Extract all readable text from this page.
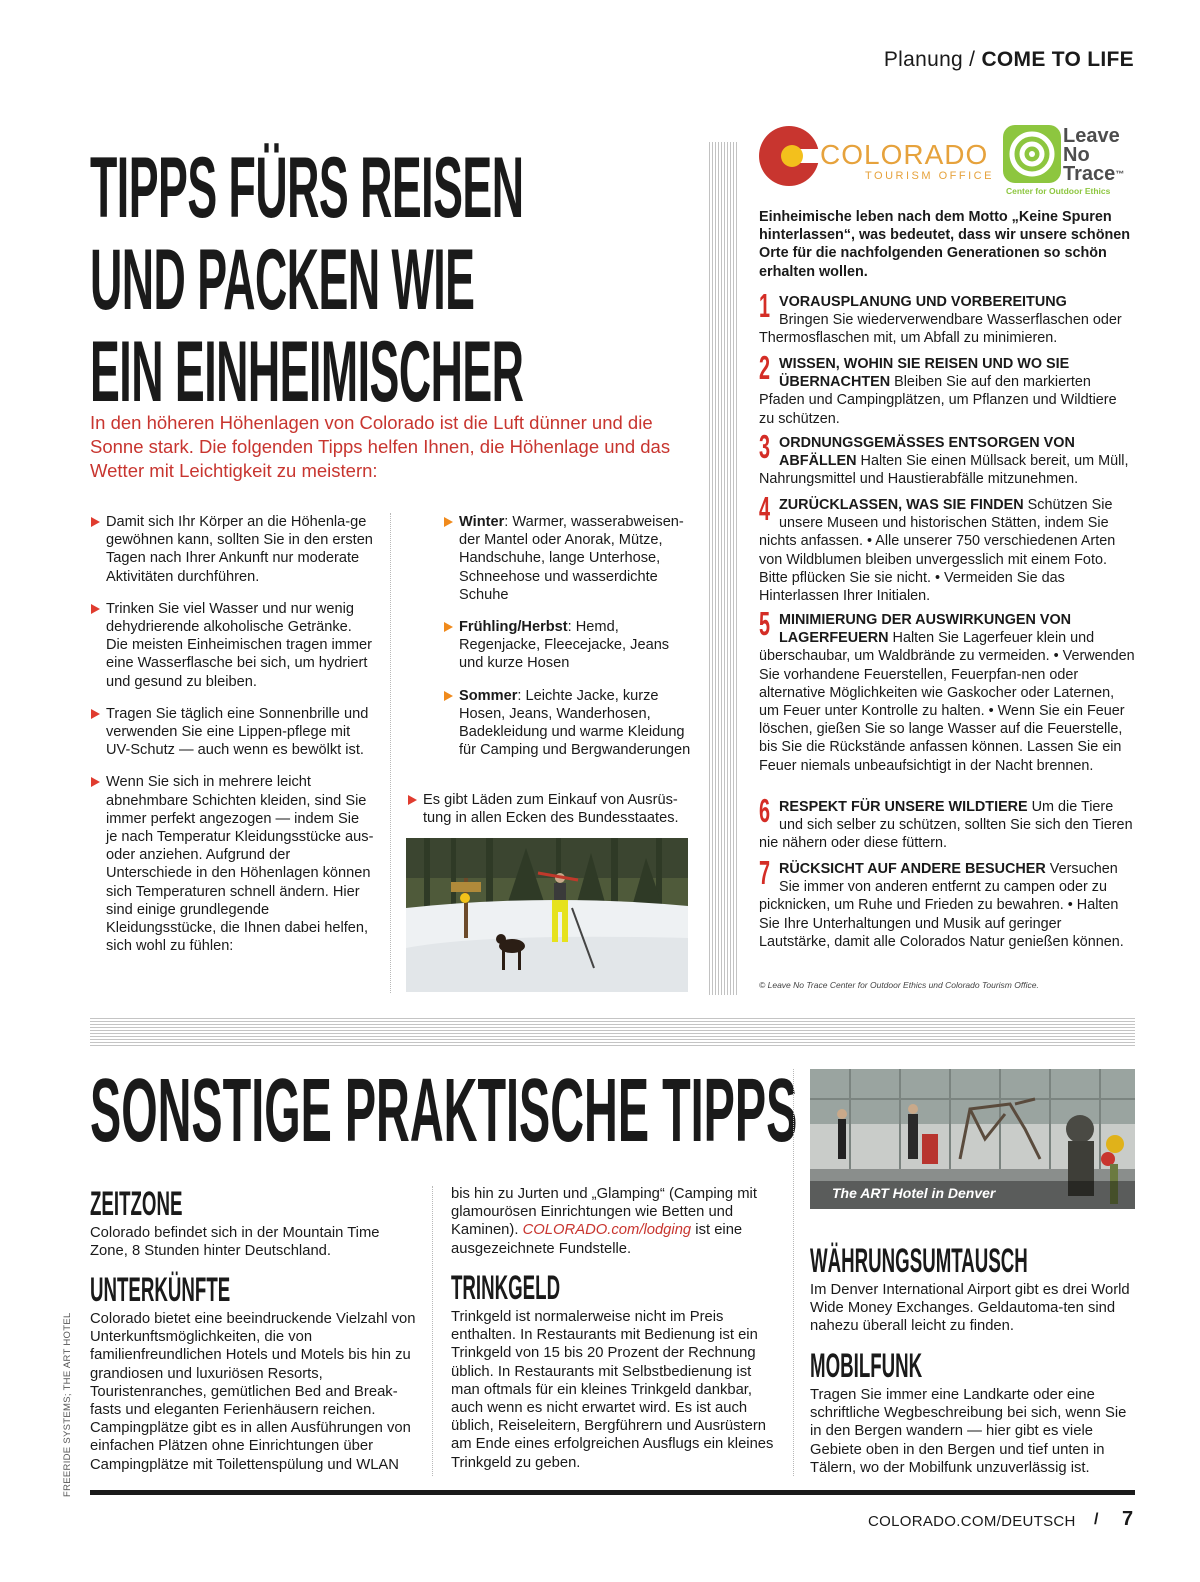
Planung / COME TO LIFE
TIPPS FÜRS REISEN
UND PACKEN WIE
EIN EINHEIMISCHER
In den höheren Höhenlagen von Colorado ist die Luft dünner und die Sonne stark. Die folgenden Tipps helfen Ihnen, die Höhenlage und das Wetter mit Leichtigkeit zu meistern:
Damit sich Ihr Körper an die Höhenla-ge gewöhnen kann, sollten Sie in den ersten Tagen nach Ihrer Ankunft nur moderate Aktivitäten durchführen.
Trinken Sie viel Wasser und nur wenig dehydrierende alkoholische Getränke. Die meisten Einheimischen tragen immer eine Wasserflasche bei sich, um hydriert und gesund zu bleiben.
Tragen Sie täglich eine Sonnenbrille und verwenden Sie eine Lippen-pflege mit UV-Schutz — auch wenn es bewölkt ist.
Wenn Sie sich in mehrere leicht abnehmbare Schichten kleiden, sind Sie immer perfekt angezogen — indem Sie je nach Temperatur Kleidungsstücke aus- oder anziehen. Aufgrund der Unterschiede in den Höhenlagen können sich Temperaturen schnell ändern. Hier sind einige grundlegende Kleidungsstücke, die Ihnen dabei helfen, sich wohl zu fühlen:
Winter: Warmer, wasserabweisen-der Mantel oder Anorak, Mütze, Handschuhe, lange Unterhose, Schneehose und wasserdichte Schuhe
Frühling/Herbst: Hemd, Regenjacke, Fleecejacke, Jeans und kurze Hosen
Sommer: Leichte Jacke, kurze Hosen, Jeans, Wanderhosen, Badekleidung und warme Kleidung für Camping und Bergwanderungen
Es gibt Läden zum Einkauf von Ausrüs-tung in allen Ecken des Bundesstaates.
COLORADO
TOURISM OFFICE
Leave
No
Trace™
Center for Outdoor Ethics
Einheimische leben nach dem Motto „Keine Spuren hinterlassen“, was bedeutet, dass wir unsere schönen Orte für die nachfolgenden Generationen so schön erhalten wollen.
1 VORAUSPLANUNG UND VORBEREITUNG
Bringen Sie wiederverwendbare Wasserflaschen oder Thermosflaschen mit, um Abfall zu minimieren.
2 WISSEN, WOHIN SIE REISEN UND WO SIE ÜBERNACHTEN Bleiben Sie auf den markierten Pfaden und Campingplätzen, um Pflanzen und Wildtiere zu schützen.
3 ORDNUNGSGEMÄSSES ENTSORGEN VON ABFÄLLEN Halten Sie einen Müllsack bereit, um Müll, Nahrungsmittel und Haustierabfälle mitzunehmen.
4 ZURÜCKLASSEN, WAS SIE FINDEN Schützen Sie unsere Museen und historischen Stätten, indem Sie nichts anfassen. • Alle unserer 750 verschiedenen Arten von Wildblumen bleiben unvergesslich mit einem Foto. Bitte pflücken Sie sie nicht. • Vermeiden Sie das Hinterlassen Ihrer Initialen.
5 MINIMIERUNG DER AUSWIRKUNGEN VON LAGERFEUERN Halten Sie Lagerfeuer klein und überschaubar, um Waldbrände zu vermeiden. • Verwenden Sie vorhandene Feuerstellen, Feuerpfan-nen oder alternative Möglichkeiten wie Gaskocher oder Laternen, um Feuer unter Kontrolle zu halten. • Wenn Sie ein Feuer löschen, gießen Sie so lange Wasser auf die Feuerstelle, bis Sie die Rückstände anfassen können. Lassen Sie ein Feuer niemals unbeaufsichtigt in der Nacht brennen.
6 RESPEKT FÜR UNSERE WILDTIERE Um die Tiere und sich selber zu schützen, sollten Sie sich den Tieren nie nähern oder diese füttern.
7 RÜCKSICHT AUF ANDERE BESUCHER Versuchen Sie immer von anderen entfernt zu campen oder zu picknicken, um Ruhe und Frieden zu bewahren. • Halten Sie Ihre Unterhaltungen und Musik auf geringer Lautstärke, damit alle Colorados Natur genießen können.
© Leave No Trace Center for Outdoor Ethics und Colorado Tourism Office.
SONSTIGE PRAKTISCHE TIPPS
ZEITZONE
Colorado befindet sich in der Mountain Time Zone, 8 Stunden hinter Deutschland.
UNTERKÜNFTE
Colorado bietet eine beeindruckende Vielzahl von Unterkunftsmöglichkeiten, die von familienfreundlichen Hotels und Motels bis hin zu grandiosen und luxuriösen Resorts, Touristenranches, gemütlichen Bed and Break-fasts und eleganten Ferienhäusern reichen. Campingplätze gibt es in allen Ausführungen von einfachen Plätzen ohne Einrichtungen über Campingplätze mit Toilettenspülung und WLAN
bis hin zu Jurten und „Glamping“ (Camping mit glamourösen Einrichtungen wie Betten und Kaminen). COLORADO.com/lodging ist eine ausgezeichnete Fundstelle.
TRINKGELD
Trinkgeld ist normalerweise nicht im Preis enthalten. In Restaurants mit Bedienung ist ein Trinkgeld von 15 bis 20 Prozent der Rechnung üblich. In Restaurants mit Selbstbedienung ist man oftmals für ein kleines Trinkgeld dankbar, auch wenn es nicht erwartet wird. Es ist auch üblich, Reiseleitern, Bergführern und Ausrüstern am Ende eines erfolgreichen Ausflugs ein kleines Trinkgeld zu geben.
The ART Hotel in Denver
WÄHRUNGSUMTAUSCH
Im Denver International Airport gibt es drei World Wide Money Exchanges. Geldautoma-ten sind nahezu überall leicht zu finden.
MOBILFUNK
Tragen Sie immer eine Landkarte oder eine schriftliche Wegbeschreibung bei sich, wenn Sie in den Bergen wandern — hier gibt es viele Gebiete oben in den Bergen und tief unten in Tälern, wo der Mobilfunk unzuverlässig ist.
FREERIDE SYSTEMS; THE ART HOTEL
COLORADO.COM/DEUTSCH / 7
